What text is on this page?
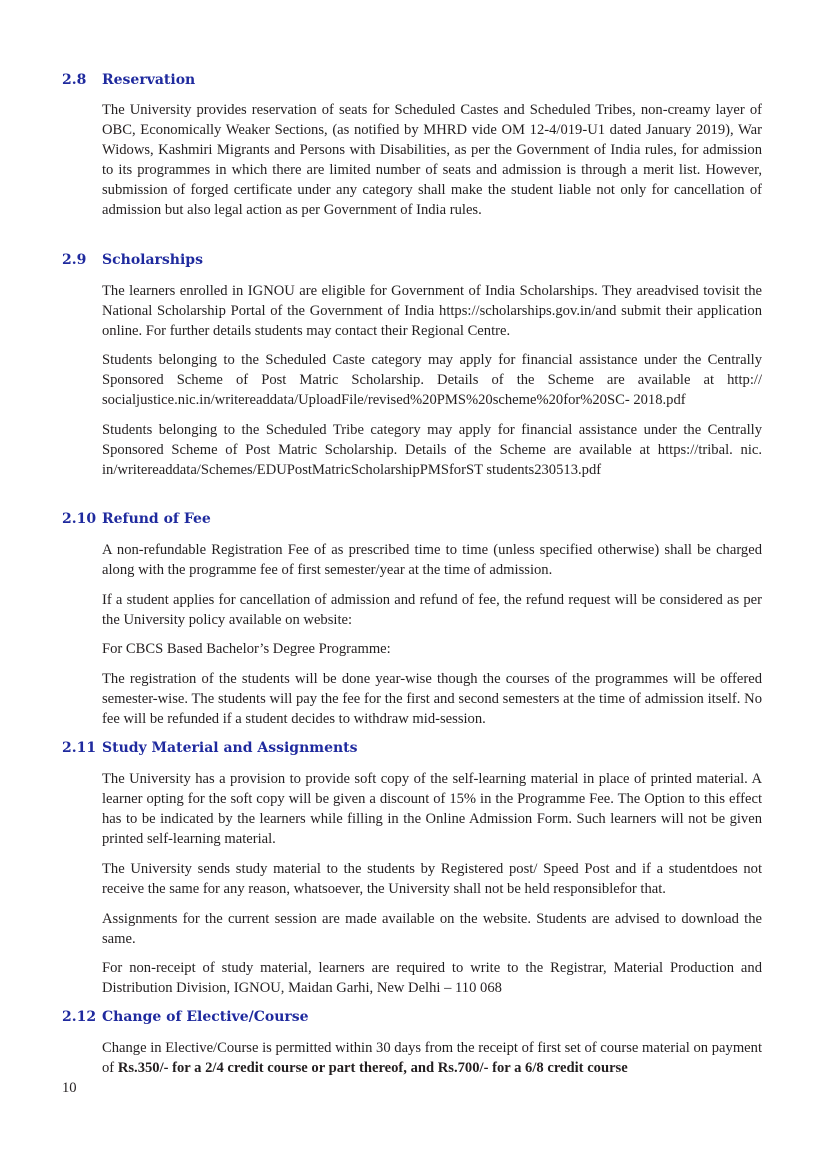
2.8 Reservation

The University provides reservation of seats for Scheduled Castes and Scheduled Tribes, non-creamy layer of OBC, Economically Weaker Sections, (as notified by MHRD vide OM 12-4/019-U1 dated January 2019), War Widows, Kashmiri Migrants and Persons with Disabilities, as per the Government of India rules, for admission to its programmes in which there are limited number of seats and admission is through a merit list. However, submission of forged certificate under any category shall make the student liable not only for cancellation of admission but also legal action as per Government of India rules.

2.9 Scholarships

The learners enrolled in IGNOU are eligible for Government of India Scholarships. They areadvised tovisit the National Scholarship Portal of the Government of India https://scholarships.gov.in/and submit their application online. For further details students may contact their Regional Centre.

Students belonging to the Scheduled Caste category may apply for financial assistance under the Centrally Sponsored Scheme of Post Matric Scholarship. Details of the Scheme are available at http:// socialjustice.nic.in/writereaddata/UploadFile/revised%20PMS%20scheme%20for%20SC- 2018.pdf

Students belonging to the Scheduled Tribe category may apply for financial assistance under the Centrally Sponsored Scheme of Post Matric Scholarship. Details of the Scheme are available at https://tribal. nic. in/writereaddata/Schemes/EDUPostMatricScholarshipPMSforST students230513.pdf

2.10 Refund of Fee

A non-refundable Registration Fee of as prescribed time to time (unless specified otherwise) shall be charged along with the programme fee of first semester/year at the time of admission.

If a student applies for cancellation of admission and refund of fee, the refund request will be considered as per the University policy available on website:

For CBCS Based Bachelor’s Degree Programme:

The registration of the students will be done year-wise though the courses of the programmes will be offered semester-wise. The students will pay the fee for the first and second semesters at the time of admission itself. No fee will be refunded if a student decides to withdraw mid-session.

2.11 Study Material and Assignments

The University has a provision to provide soft copy of the self-learning material in place of printed material. A learner opting for the soft copy will be given a discount of 15% in the Programme Fee. The Option to this effect has to be indicated by the learners while filling in the Online Admission Form. Such learners will not be given printed self-learning material.

The University sends study material to the students by Registered post/ Speed Post and if a studentdoes not receive the same for any reason, whatsoever, the University shall not be held responsiblefor that.

Assignments for the current session are made available on the website. Students are advised to download the same.

For non-receipt of study material, learners are required to write to the Registrar, Material Production and Distribution Division, IGNOU, Maidan Garhi, New Delhi – 110 068

2.12 Change of Elective/Course

Change in Elective/Course is permitted within 30 days from the receipt of first set of course material on payment of Rs.350/- for a 2/4 credit course or part thereof, and Rs.700/- for a 6/8 credit course

10
